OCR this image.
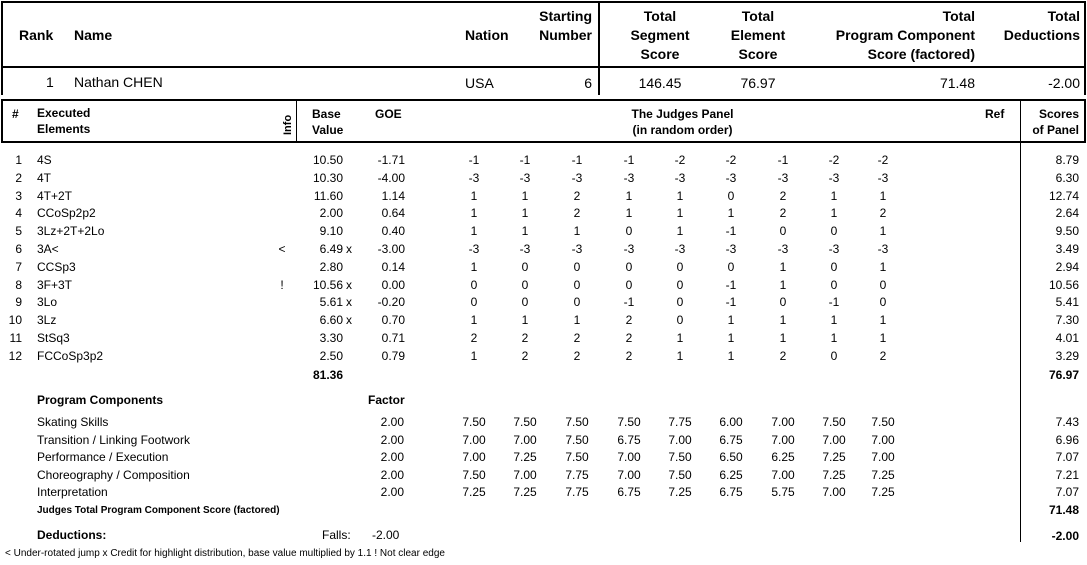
Rank Name	Nation
Starting
Number
Total
Segment
Score
Total
Element
Score
Total
Program Component
Score (factored)
Total
Deductions
1 Nathan CHEN	USA	6	146.45	76.97	71.48	-2.00
# Executed
Elements	Info
Base
Value
GOE	The Judges Panel
(in random order)
Ref	Scores
of Panel
1 4S	10.50	-1.71	-1	-1	-1	-1	-2	-2	-1	-2	-2	8.79
2 4T	10.30	-4.00	-3	-3	-3	-3	-3	-3	-3	-3	-3	6.30
3 4T+2T	11.60	1.14	1	1	2	1	1	0	2	1	1	12.74
4 CCoSp2p2	2.00	0.64	1	1	2	1	1	1	2	1	2	2.64
5 3Lz+2T+2Lo	9.10	0.40	1	1	1	0	1	-1	0	0	1	9.50
6 3A<	<	6.49 x	-3.00	-3	-3	-3	-3	-3	-3	-3	-3	-3	3.49
7 CCSp3	2.80	0.14	1	0	0	0	0	0	1	0	1	2.94
8 3F+3T	!	10.56 x	0.00	0	0	0	0	0	-1	1	0	0	10.56
9 3Lo	5.61 x	-0.20	0	0	0	-1	0	-1	0	-1	0	5.41
10 3Lz	6.60 x	0.70	1	1	1	2	0	1	1	1	1	7.30
11 StSq3	3.30	0.71	2	2	2	2	1	1	1	1	1	4.01
12 FCCoSp3p2	2.50	0.79	1	2	2	2	1	1	2	0	2	3.29
Skating Skills	2.00	7.50	7.50	7.50	7.50	7.75	6.00	7.00	7.50	7.50	7.43
Transition / Linking Footwork	2.00	7.00	7.00	7.50	6.75	7.00	6.75	7.00	7.00	7.00	6.96
Performance / Execution	2.00	7.00	7.25	7.50	7.00	7.50	6.50	6.25	7.25	7.00	7.07
Choreography / Composition	2.00	7.50	7.00	7.75	7.00	7.50	6.25	7.00	7.25	7.25	7.21
Interpretation	2.00	7.25	7.25	7.75	6.75	7.25	6.75	5.75	7.00	7.25	7.07
81.36	76.97
Program Components	Factor
Judges Total Program Component Score (factored)	71.48
Deductions:	Falls: -2.00	-2.00
< Under-rotated jump x Credit for highlight distribution, base value multiplied by 1.1 ! Not clear edge
